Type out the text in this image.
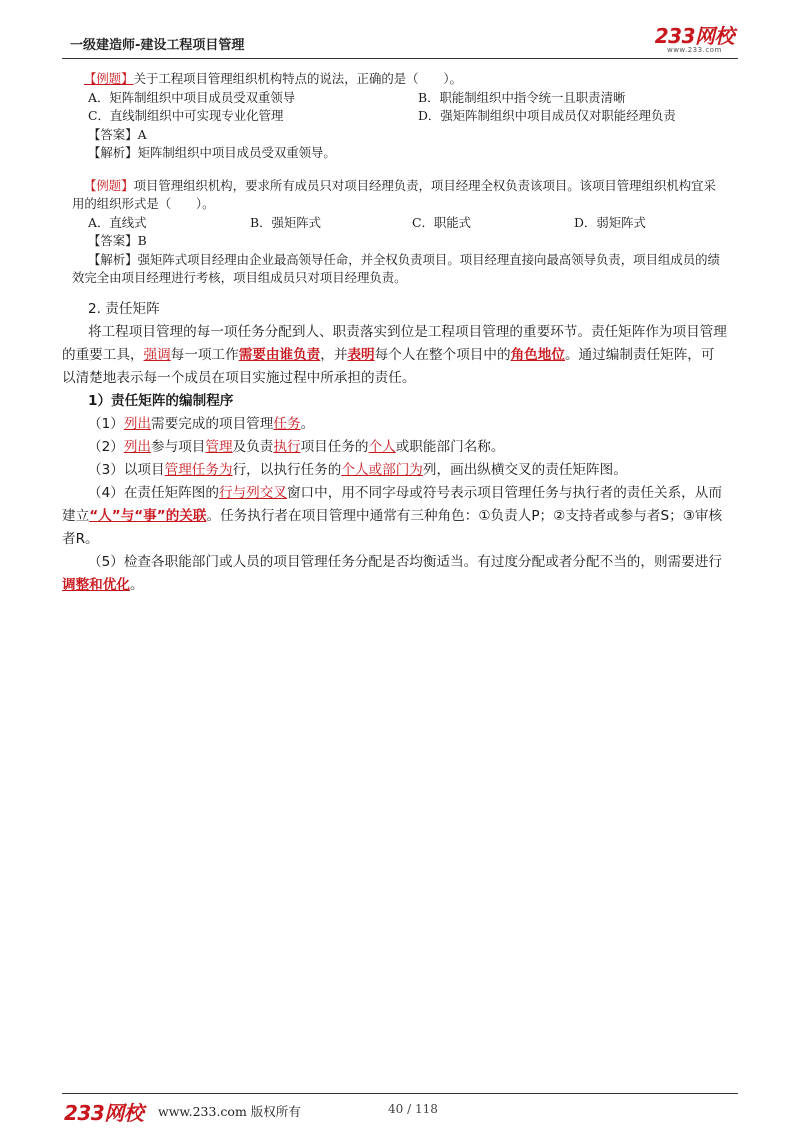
一级建造师-建设工程项目管理	233网校
www.233.com
【例题】关于工程项目管理组织机构特点的说法，正确的是（　　）。
A．矩阵制组织中项目成员受双重领导	B．职能制组织中指令统一且职责清晰
C．直线制组织中可实现专业化管理	D．强矩阵制组织中项目成员仅对职能经理负责
【答案】A
【解析】矩阵制组织中项目成员受双重领导。
【例题】项目管理组织机构，要求所有成员只对项目经理负责，项目经理全权负责该项目。该项目管理组织机构宜采用的组织形式是（　　）。
A．直线式	B．强矩阵式	C．职能式	D．弱矩阵式
【答案】B
【解析】强矩阵式项目经理由企业最高领导任命，并全权负责项目。项目经理直接向最高领导负责，项目组成员的绩效完全由项目经理进行考核，项目组成员只对项目经理负责。
2. 责任矩阵
将工程项目管理的每一项任务分配到人、职责落实到位是工程项目管理的重要环节。责任矩阵作为项目管理的重要工具，强调每一项工作需要由谁负责，并表明每个人在整个项目中的角色地位。通过编制责任矩阵，可以清楚地表示每一个成员在项目实施过程中所承担的责任。
1）责任矩阵的编制程序
（1）列出需要完成的项目管理任务。
（2）列出参与项目管理及负责执行项目任务的个人或职能部门名称。
（3）以项目管理任务为行，以执行任务的个人或部门为列，画出纵横交叉的责任矩阵图。
（4）在责任矩阵图的行与列交叉窗口中，用不同字母或符号表示项目管理任务与执行者的责任关系，从而建立“人”与“事”的关联。任务执行者在项目管理中通常有三种角色：①负责人P；②支持者或参与者S；③审核者R。
（5）检查各职能部门或人员的项目管理任务分配是否均衡适当。有过度分配或者分配不当的，则需要进行调整和优化。
233网校 www.233.com 版权所有	40 / 118
